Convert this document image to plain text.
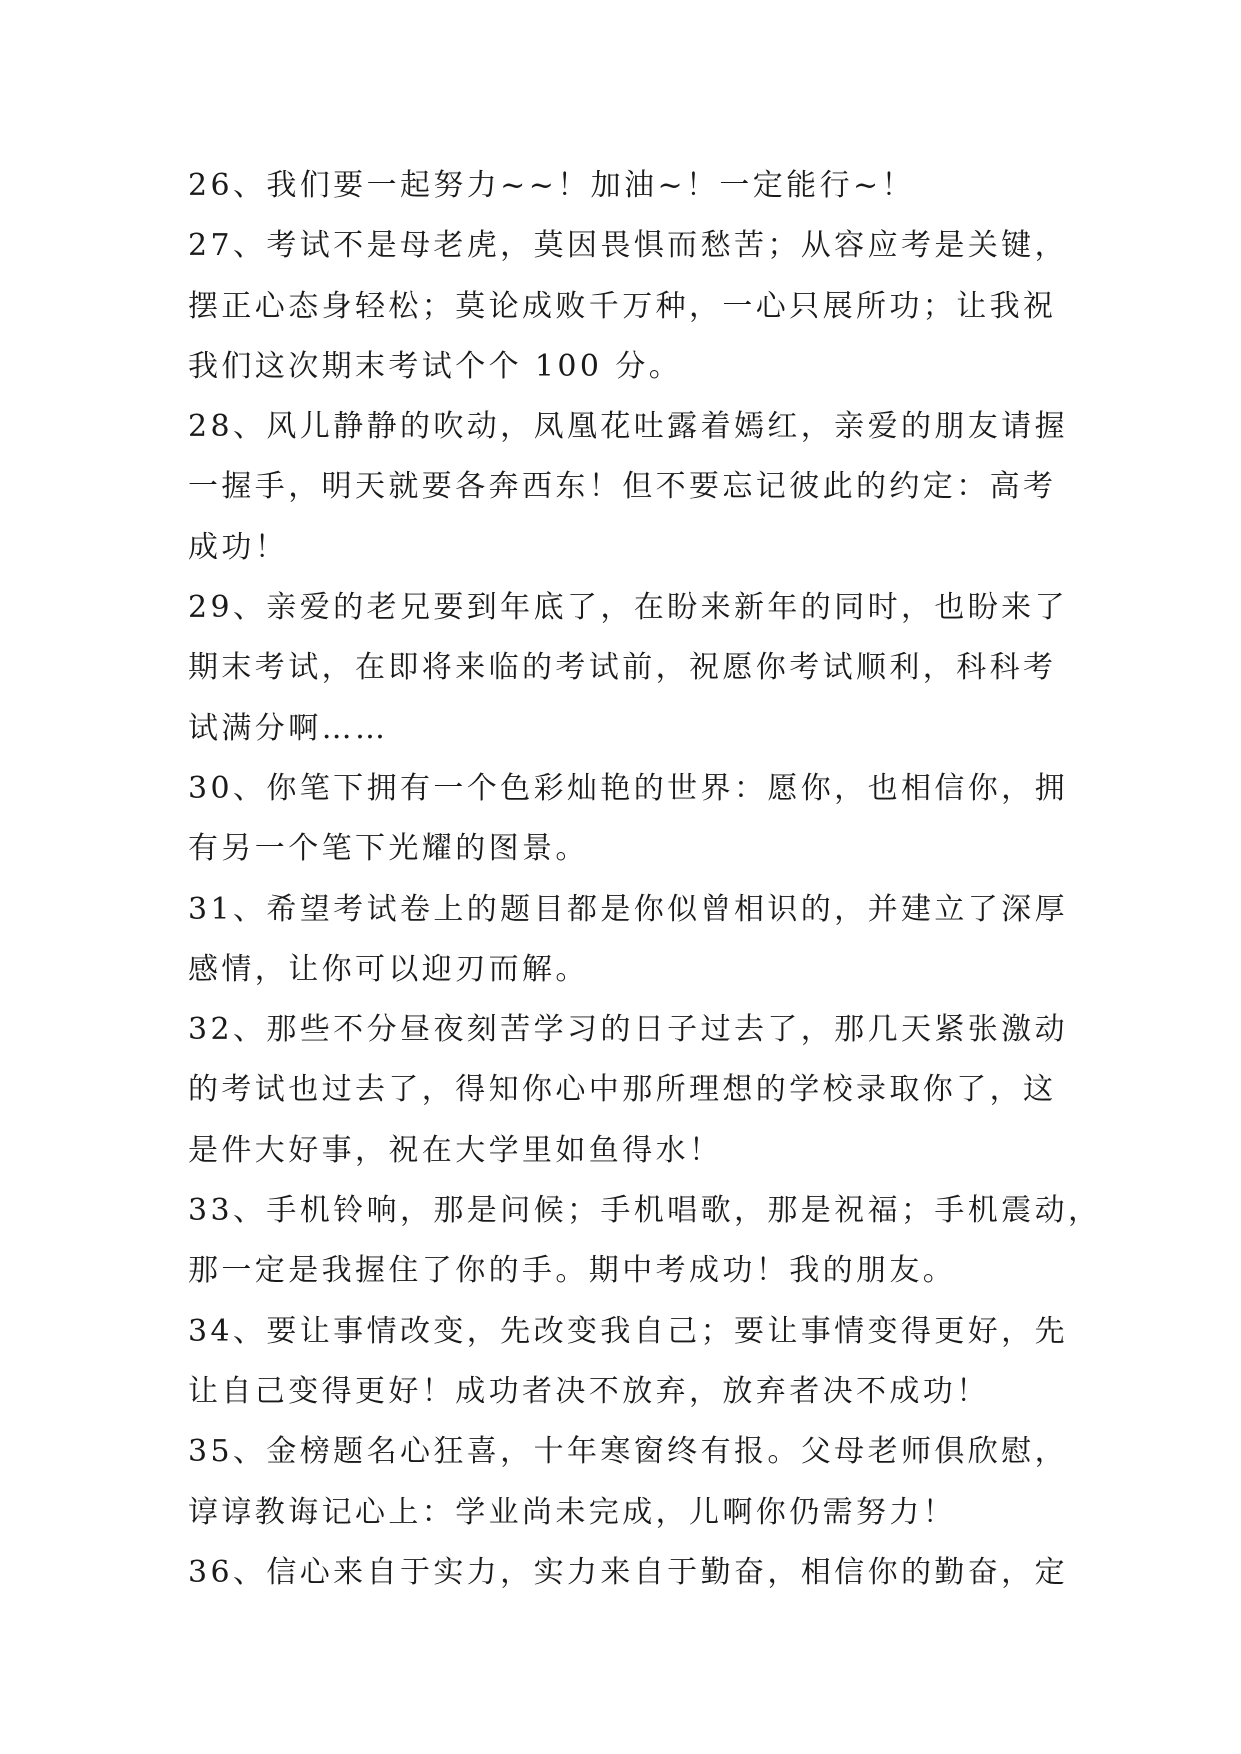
26、我们要一起努力~~！加油~！一定能行~！
27、考试不是母老虎，莫因畏惧而愁苦；从容应考是关键，
摆正心态身轻松；莫论成败千万种，一心只展所功；让我祝
我们这次期末考试个个 100 分。
28、风儿静静的吹动，凤凰花吐露着嫣红，亲爱的朋友请握
一握手，明天就要各奔西东！但不要忘记彼此的约定：高考
成功！
29、亲爱的老兄要到年底了，在盼来新年的同时，也盼来了
期末考试，在即将来临的考试前，祝愿你考试顺利，科科考
试满分啊……
30、你笔下拥有一个色彩灿艳的世界：愿你，也相信你，拥
有另一个笔下光耀的图景。
31、希望考试卷上的题目都是你似曾相识的，并建立了深厚
感情，让你可以迎刃而解。
32、那些不分昼夜刻苦学习的日子过去了，那几天紧张激动
的考试也过去了，得知你心中那所理想的学校录取你了，这
是件大好事，祝在大学里如鱼得水！
33、手机铃响，那是问候；手机唱歌，那是祝福；手机震动，
那一定是我握住了你的手。期中考成功！我的朋友。
34、要让事情改变，先改变我自己；要让事情变得更好，先
让自己变得更好！成功者决不放弃，放弃者决不成功！
35、金榜题名心狂喜，十年寒窗终有报。父母老师俱欣慰，
谆谆教诲记心上：学业尚未完成，儿啊你仍需努力！
36、信心来自于实力，实力来自于勤奋，相信你的勤奋，定
